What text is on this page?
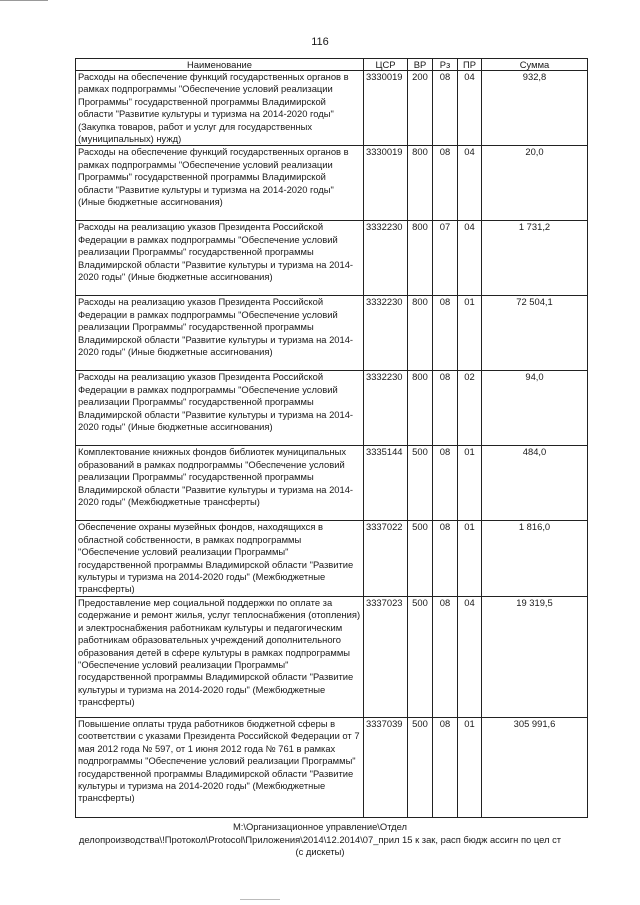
116
Наименование	ЦСР	ВР	Рз	ПР	Сумма
Расходы на обеспечение функций государственных органов в рамках подпрограммы "Обеспечение условий реализации Программы" государственной программы Владимирской области "Развитие культуры и туризма на 2014-2020 годы" (Закупка товаров, работ и услуг для государственных (муниципальных) нужд)	3330019	200	08	04	932,8
Расходы на обеспечение функций государственных органов в рамках подпрограммы "Обеспечение условий реализации Программы" государственной программы Владимирской области "Развитие культуры и туризма на 2014-2020 годы" (Иные бюджетные ассигнования)	3330019	800	08	04	20,0
Расходы на реализацию указов Президента Российской Федерации в рамках подпрограммы "Обеспечение условий реализации Программы" государственной программы Владимирской области "Развитие культуры и туризма на 2014-2020 годы" (Иные бюджетные ассигнования)	3332230	800	07	04	1 731,2
Расходы на реализацию указов Президента Российской Федерации в рамках подпрограммы "Обеспечение условий реализации Программы" государственной программы Владимирской области "Развитие культуры и туризма на 2014-2020 годы" (Иные бюджетные ассигнования)	3332230	800	08	01	72 504,1
Расходы на реализацию указов Президента Российской Федерации в рамках подпрограммы "Обеспечение условий реализации Программы" государственной программы Владимирской области "Развитие культуры и туризма на 2014-2020 годы" (Иные бюджетные ассигнования)	3332230	800	08	02	94,0
Комплектование книжных фондов библиотек муниципальных образований в рамках подпрограммы "Обеспечение условий реализации Программы" государственной программы Владимирской области "Развитие культуры и туризма на 2014-2020 годы" (Межбюджетные трансферты)	3335144	500	08	01	484,0
Обеспечение охраны музейных фондов, находящихся в областной собственности, в рамках подпрограммы "Обеспечение условий реализации Программы" государственной программы Владимирской области "Развитие культуры и туризма на 2014-2020 годы" (Межбюджетные трансферты)	3337022	500	08	01	1 816,0
Предоставление мер социальной поддержки по оплате за содержание и ремонт жилья, услуг теплоснабжения (отопления) и электроснабжения работникам культуры и педагогическим работникам образовательных учреждений дополнительного образования детей в сфере культуры в рамках подпрограммы "Обеспечение условий реализации Программы" государственной программы Владимирской области "Развитие культуры и туризма на 2014-2020 годы" (Межбюджетные трансферты)	3337023	500	08	04	19 319,5
Повышение оплаты труда работников бюджетной сферы в соответствии с указами Президента Российской Федерации от 7 мая 2012 года № 597, от 1 июня 2012 года № 761 в рамках подпрограммы "Обеспечение условий реализации Программы" государственной программы Владимирской области "Развитие культуры и туризма на 2014-2020 годы" (Межбюджетные трансферты)	3337039	500	08	01	305 991,6
M:\Организационное управление\Отдел
делопроизводства\!Протокол\Protocol\Приложения\2014\12.2014\07_прил 15 к зак, расп бюдж ассигн по цел ст
(с дискеты)
